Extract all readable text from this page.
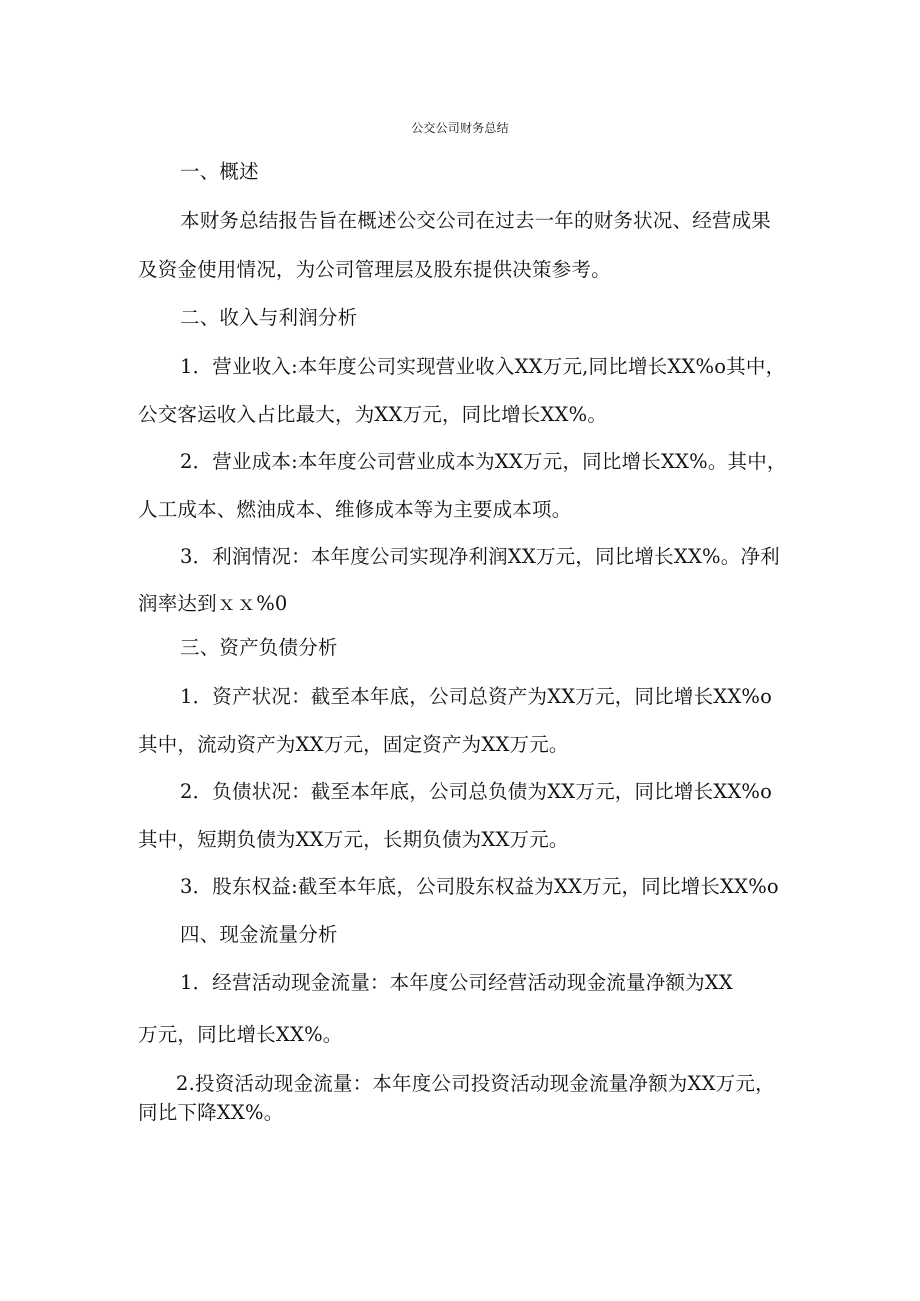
公交公司财务总结

一、概述

本财务总结报告旨在概述公交公司在过去一年的财务状况、经营成果

及资金使用情况，为公司管理层及股东提供决策参考。

二、收入与利润分析

1．营业收入:本年度公司实现营业收入XX万元,同比增长XX%o其中，

公交客运收入占比最大，为XX万元，同比增长XX%。

2．营业成本:本年度公司营业成本为XX万元，同比增长XX%。其中，

人工成本、燃油成本、维修成本等为主要成本项。

3．利润情况：本年度公司实现净利润XX万元，同比增长XX%。净利

润率达到ｘｘ%0

三、资产负债分析

1．资产状况：截至本年底，公司总资产为XX万元，同比增长XX%o

其中，流动资产为XX万元，固定资产为XX万元。

2．负债状况：截至本年底，公司总负债为XX万元，同比增长XX%o

其中，短期负债为XX万元，长期负债为XX万元。

3．股东权益:截至本年底，公司股东权益为XX万元，同比增长XX%o

四、现金流量分析

1．经营活动现金流量：本年度公司经营活动现金流量净额为XX

万元，同比增长XX%。

2.投资活动现金流量：本年度公司投资活动现金流量净额为XX万元，

同比下降XX%。
